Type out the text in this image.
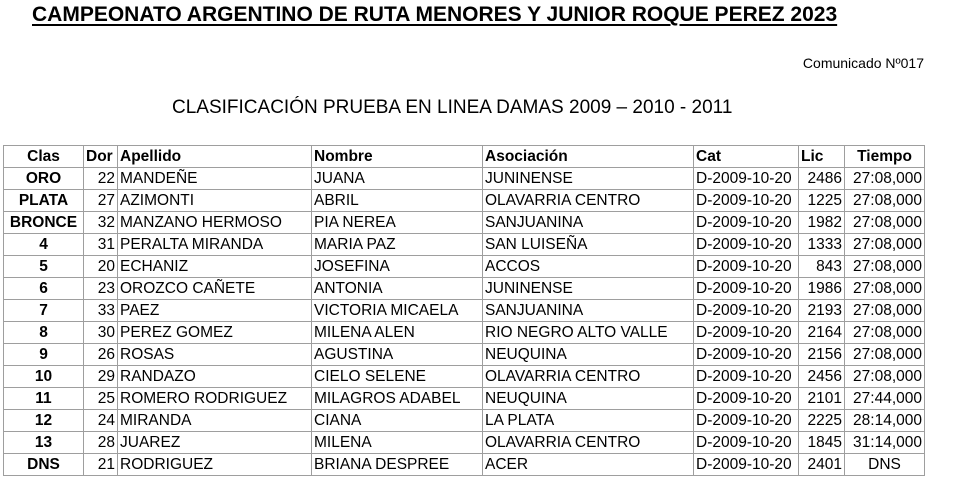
CAMPEONATO ARGENTINO DE RUTA MENORES Y JUNIOR ROQUE PEREZ 2023
Comunicado Nº017
CLASIFICACIÓN PRUEBA EN LINEA DAMAS 2009 – 2010 - 2011
Clas	Dor	Apellido	Nombre	Asociación	Cat	Lic	Tiempo
ORO	22	MANDEÑE	JUANA	JUNINENSE	D-2009-10-20	2486	27:08,000
PLATA	27	AZIMONTI	ABRIL	OLAVARRIA CENTRO	D-2009-10-20	1225	27:08,000
BRONCE	32	MANZANO HERMOSO	PIA NEREA	SANJUANINA	D-2009-10-20	1982	27:08,000
4	31	PERALTA MIRANDA	MARIA PAZ	SAN LUISEÑA	D-2009-10-20	1333	27:08,000
5	20	ECHANIZ	JOSEFINA	ACCOS	D-2009-10-20	843	27:08,000
6	23	OROZCO CAÑETE	ANTONIA	JUNINENSE	D-2009-10-20	1986	27:08,000
7	33	PAEZ	VICTORIA MICAELA	SANJUANINA	D-2009-10-20	2193	27:08,000
8	30	PEREZ GOMEZ	MILENA ALEN	RIO NEGRO ALTO VALLE	D-2009-10-20	2164	27:08,000
9	26	ROSAS	AGUSTINA	NEUQUINA	D-2009-10-20	2156	27:08,000
10	29	RANDAZO	CIELO SELENE	OLAVARRIA CENTRO	D-2009-10-20	2456	27:08,000
11	25	ROMERO RODRIGUEZ	MILAGROS ADABEL	NEUQUINA	D-2009-10-20	2101	27:44,000
12	24	MIRANDA	CIANA	LA PLATA	D-2009-10-20	2225	28:14,000
13	28	JUAREZ	MILENA	OLAVARRIA CENTRO	D-2009-10-20	1845	31:14,000
DNS	21	RODRIGUEZ	BRIANA DESPREE	ACER	D-2009-10-20	2401	DNS
